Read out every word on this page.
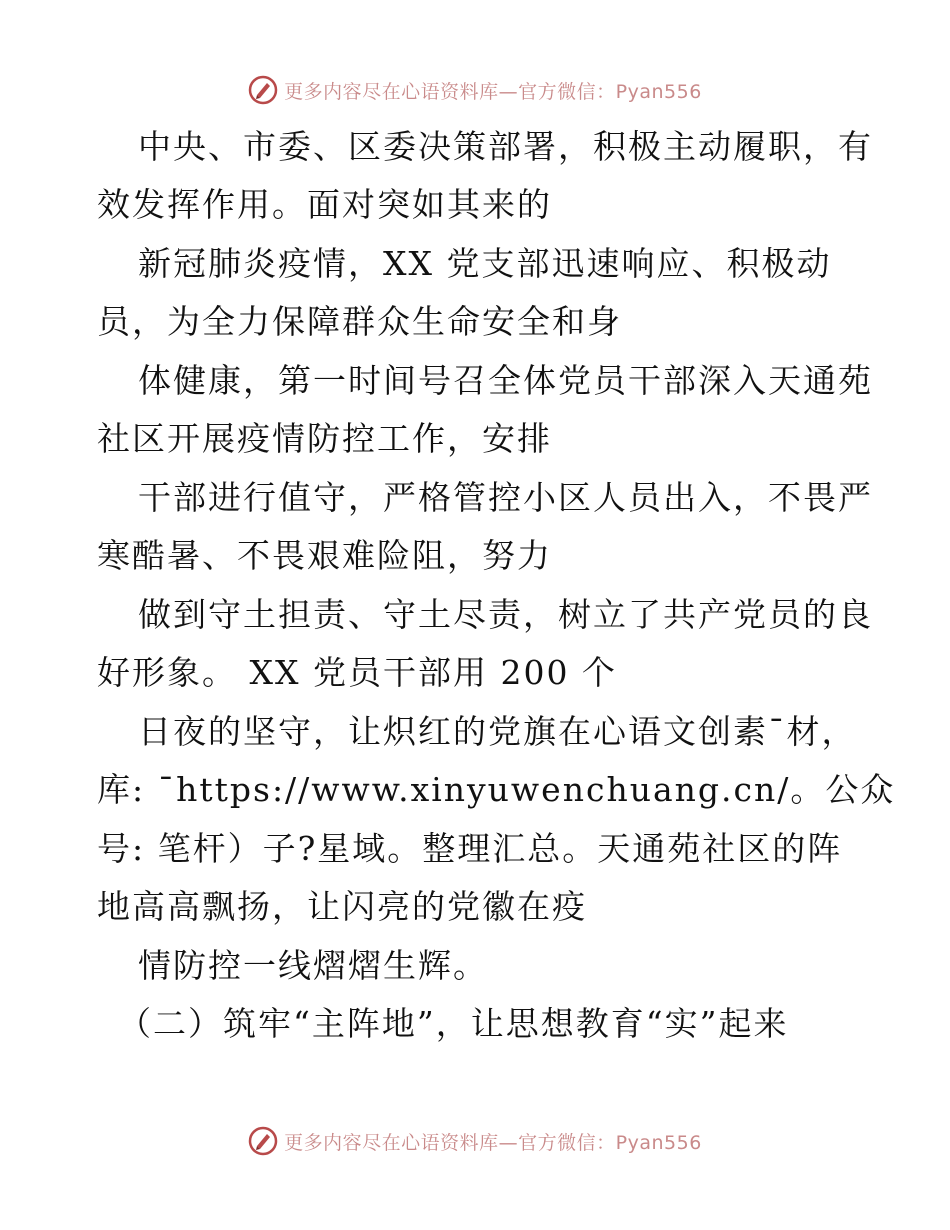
更多内容尽在心语资料库—官方微信：Pyan556
中央、市委、区委决策部署，积极主动履职，有
效发挥作用。面对突如其来的
新冠肺炎疫情，XX 党支部迅速响应、积极动
员，为全力保障群众生命安全和身
体健康，第一时间号召全体党员干部深入天通苑
社区开展疫情防控工作，安排
干部进行值守，严格管控小区人员出入，不畏严
寒酷暑、不畏艰难险阻，努力
做到守土担责、守土尽责，树立了共产党员的良
好形象。 XX 党员干部用 200 个
日夜的坚守，让炽红的党旗在心语文创素¯材，
库: ¯https://www.xinyuwenchuang.cn/。公众
号: 笔杆）子?星域。整理汇总。天通苑社区的阵
地高高飘扬，让闪亮的党徽在疫
情防控一线熠熠生辉。
（二）筑牢“主阵地”，让思想教育“实”起来
更多内容尽在心语资料库—官方微信：Pyan556
